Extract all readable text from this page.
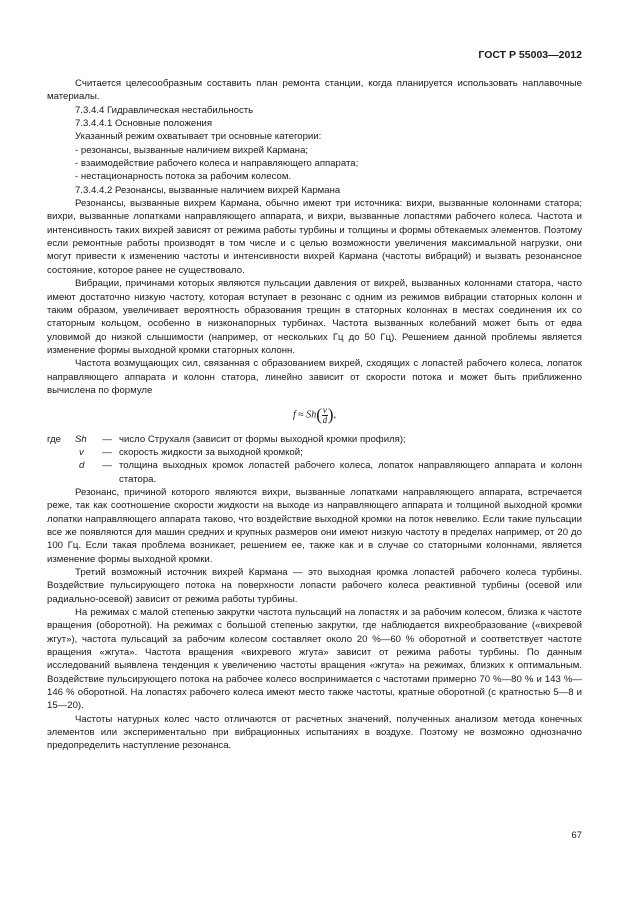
ГОСТ Р 55003—2012

Считается целесообразным составить план ремонта станции, когда планируется использовать наплавочные материалы.

7.3.4.4 Гидравлическая нестабильность

7.3.4.4.1 Основные положения

Указанный режим охватывает три основные категории:

- резонансы, вызванные наличием вихрей Кармана;

- взаимодействие рабочего колеса и направляющего аппарата;

- нестационарность потока за рабочим колесом.

7.3.4.4.2 Резонансы, вызванные наличием вихрей Кармана

Резонансы, вызванные вихрем Кармана, обычно имеют три источника: вихри, вызванные колоннами статора; вихри, вызванные лопатками направляющего аппарата, и вихри, вызванные лопастями рабочего колеса. Частота и интенсивность таких вихрей зависят от режима работы турбины и толщины и формы обтекаемых элементов. Поэтому если ремонтные работы производят в том числе и с целью возможности увеличения максимальной нагрузки, они могут привести к изменению частоты и интенсивности вихрей Кармана (частоты вибраций) и вызвать резонансное состояние, которое ранее не существовало.

Вибрации, причинами которых являются пульсации давления от вихрей, вызванных колоннами статора, часто имеют достаточно низкую частоту, которая вступает в резонанс с одним из режимов вибрации статорных колонн и таким образом, увеличивает вероятность образования трещин в статорных колоннах в местах соединения их со статорным кольцом, особенно в низконапорных турбинах. Частота вызванных колебаний может быть от едва уловимой до низкой слышимости (например, от нескольких Гц до 50 Гц). Решением данной проблемы является изменение формы выходной кромки статорных колонн.

Частота возмущающих сил, связанная с образованием вихрей, сходящих с лопастей рабочего колеса, лопаток направляющего аппарата и колонн статора, линейно зависит от скорости потока и может быть приближенно вычислена по формуле

$f \approx Sh( \frac{v}{d}$ ),
где	Sh	—	число Струхаля (зависит от формы выходной кромки профиля);
	v	—	скорость жидкости за выходной кромкой;
	d	—	толщина выходных кромок лопастей рабочего колеса, лопаток направляющего аппарата и колонн статора.

Резонанс, причиной которого являются вихри, вызванные лопатками направляющего аппарата, встречается реже, так как соотношение скорости жидкости на выходе из направляющего аппарата и толщиной выходной кромки лопатки направляющего аппарата таково, что воздействие выходной кромки на поток невелико. Если такие пульсации все же появляются для машин средних и крупных размеров они имеют низкую частоту в пределах например, от 20 до 100 Гц. Если такая проблема возникает, решением ее, также как и в случае со статорными колоннами, является изменение формы выходной кромки.

Третий возможный источник вихрей Кармана — это выходная кромка лопастей рабочего колеса турбины. Воздействие пульсирующего потока на поверхности лопасти рабочего колеса реактивной турбины (осевой или радиально-осевой) зависит от режима работы турбины.

На режимах с малой степенью закрутки частота пульсаций на лопастях и за рабочим колесом, близка к частоте вращения (оборотной). На режимах с большой степенью закрутки, где наблюдается вихреобразование («вихревой жгут»), частота пульсаций за рабочим колесом составляет около 20 %—60 % оборотной и соответствует частоте вращения «жгута». Частота вращения «вихревого жгута» зависит от режима работы турбины. По данным исследований выявлена тенденция к увеличению частоты вращения «жгута» на режимах, близких к оптимальным. Воздействие пульсирующего потока на рабочее колесо воспринимается с частотами примерно 70 %—80 % и 143 %—146 % оборотной. На лопастях рабочего колеса имеют место также частоты, кратные оборотной (с кратностью 5—8 и 15—20).

Частоты натурных колес часто отличаются от расчетных значений, полученных анализом метода конечных элементов или экспериментально при вибрационных испытаниях в воздухе. Поэтому не возможно однозначно предопределить наступление резонанса.

67
